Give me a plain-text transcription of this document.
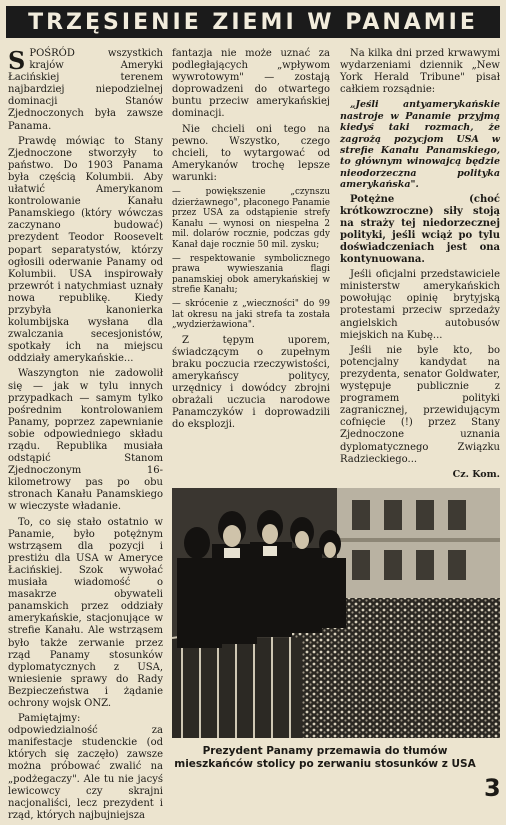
TRZĘSIENIE ZIEMI W PANAMIE

SPOŚRÓD wszystkich krajów Ameryki Łacińskiej terenem najbardziej niepodzielnej dominacji Stanów Zjednoczonych była zawsze Panama.

Prawdę mówiąc to Stany Zjednoczone stworzyły to państwo. Do 1903 Panama była częścią Kolumbii. Aby ułatwić Amerykanom kontrolowanie Kanału Panamskiego (który wówczas zaczynano budować) prezydent Teodor Roosevelt popart separatystów, którzy ogłosili oderwanie Panamy od Kolumbii. USA inspirowały przewrót i natychmiast uznały nowa republikę. Kiedy przybyła kanonierka kolumbijska wysłana dla zwalczania secesjonistów, spotkały ich na miejscu oddziały amerykańskie...

Waszyngton nie zadowolił się — jak w tylu innych przypadkach — samym tylko pośrednim kontrolowaniem Panamy, poprzez zapewnianie sobie odpowiedniego składu rządu. Republika musiała odstąpić Stanom Zjednoczonym 16-kilometrowy pas po obu stronach Kanału Panamskiego w wieczyste władanie.

To, co się stało ostatnio w Panamie, było potężnym wstrząsem dla pozycji i prestiżu dla USA w Ameryce Łacińskiej. Szok wywołać musiała wiadomość o masakrze obywateli panamskich przez oddziały amerykańskie, stacjonujące w strefie Kanału. Ale wstrząsem było także zerwanie przez rząd Panamy stosunków dyplomatycznych z USA, wniesienie sprawy do Rady Bezpieczeństwa i żądanie ochrony wojsk ONZ.

Pamiętajmy: odpowiedzialność za manifestacje studenckie (od których się zaczęło) zawsze można próbować zwalić na „podżegaczy". Ale tu nie jacyś lewicowcy czy skrajni nacjonaliści, lecz prezydent i rząd, których najbujniejsza

fantazja nie może uznać za podległających „wpływom wywrotowym" — zostają doprowadzeni do otwartego buntu przeciw amerykańskiej dominacji.

Nie chcieli oni tego na pewno. Wszystko, czego chcieli, to wytargować od Amerykanów trochę lepsze warunki:

— powiększenie „czynszu dzierżawnego", płaconego Panamie przez USA za odstąpienie strefy Kanału — wynosi on niespełna 2 mil. dolarów rocznie, podczas gdy Kanał daje rocznie 50 mil. zysku;
— respektowanie symbolicznego prawa wywieszania flagi panamskiej obok amerykańskiej w strefie Kanału;
— skrócenie z „wieczności" do 99 lat okresu na jaki strefa ta została „wydzierżawiona".

Z tępym uporem, świadczącym o zupełnym braku poczucia rzeczywistości, amerykańscy politycy, urzędnicy i dowódcy zbrojni obrażali uczucia narodowe Panamczyków i doprowadzili do eksplozji.

Na kilka dni przed krwawymi wydarzeniami dziennik „New York Herald Tribune" pisał całkiem rozsądnie:

„Jeśli antyamerykańskie nastroje w Panamie przyjmą kiedyś taki rozmach, że zagrożą pozycjom USA w strefie Kanału Panamskiego, to głównym winowajcą będzie nieodorzeczna polityka amerykańska".

Potężne (choć krótkowzroczne) siły stoją na straży tej niedorzecznej polityki, jeśli wciąż po tylu doświadczeniach jest ona kontynuowana.

Jeśli oficjalni przedstawiciele ministerstw amerykańskich powołując opinię brytyjską protestami przeciw sprzedaży angielskich autobusów miejskich na Kubę...

Jeśli nie byle kto, bo potencjalny kandydat na prezydenta, senator Goldwater, występuje publicznie z programem polityki zagranicznej, przewidującym cofnięcie (!) przez Stany Zjednoczone uznania dyplomatycznego Związku Radzieckiego...

Cz. Kom.
Prezydent Panamy przemawia do tłumów mieszkańców stolicy po zerwaniu stosunków z USA
3
